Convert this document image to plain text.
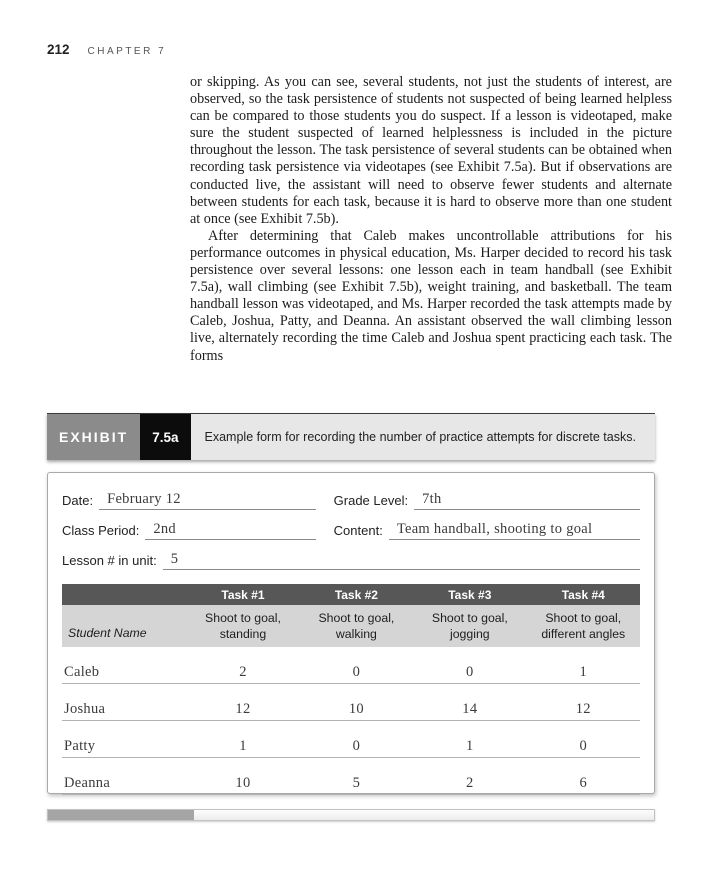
212 CHAPTER 7

or skipping. As you can see, several students, not just the students of interest, are observed, so the task persistence of students not suspected of being learned helpless can be compared to those students you do suspect. If a lesson is videotaped, make sure the student suspected of learned helplessness is included in the picture throughout the lesson. The task persistence of several students can be obtained when recording task persistence via videotapes (see Exhibit 7.5a). But if observations are conducted live, the assistant will need to observe fewer students and alternate between students for each task, because it is hard to observe more than one student at once (see Exhibit 7.5b).

After determining that Caleb makes uncontrollable attributions for his performance outcomes in physical education, Ms. Harper decided to record his task persistence over several lessons: one lesson each in team handball (see Exhibit 7.5a), wall climbing (see Exhibit 7.5b), weight training, and basketball. The team handball lesson was videotaped, and Ms. Harper recorded the task attempts made by Caleb, Joshua, Patty, and Deanna. An assistant observed the wall climbing lesson live, alternately recording the time Caleb and Joshua spent practicing each task. The forms

EXHIBIT	7.5a	Example form for recording the number of practice attempts for discrete tasks.
Date: February 12	Grade Level: 7th
Class Period: 2nd	Content: Team handball, shooting to goal
Lesson # in unit: 5
	Task #1	Task #2	Task #3	Task #4
Student Name	Shoot to goal, standing	Shoot to goal, walking	Shoot to goal, jogging	Shoot to goal, different angles
Caleb	2	0	0	1
Joshua	12	10	14	12
Patty	1	0	1	0
Deanna	10	5	2	6
